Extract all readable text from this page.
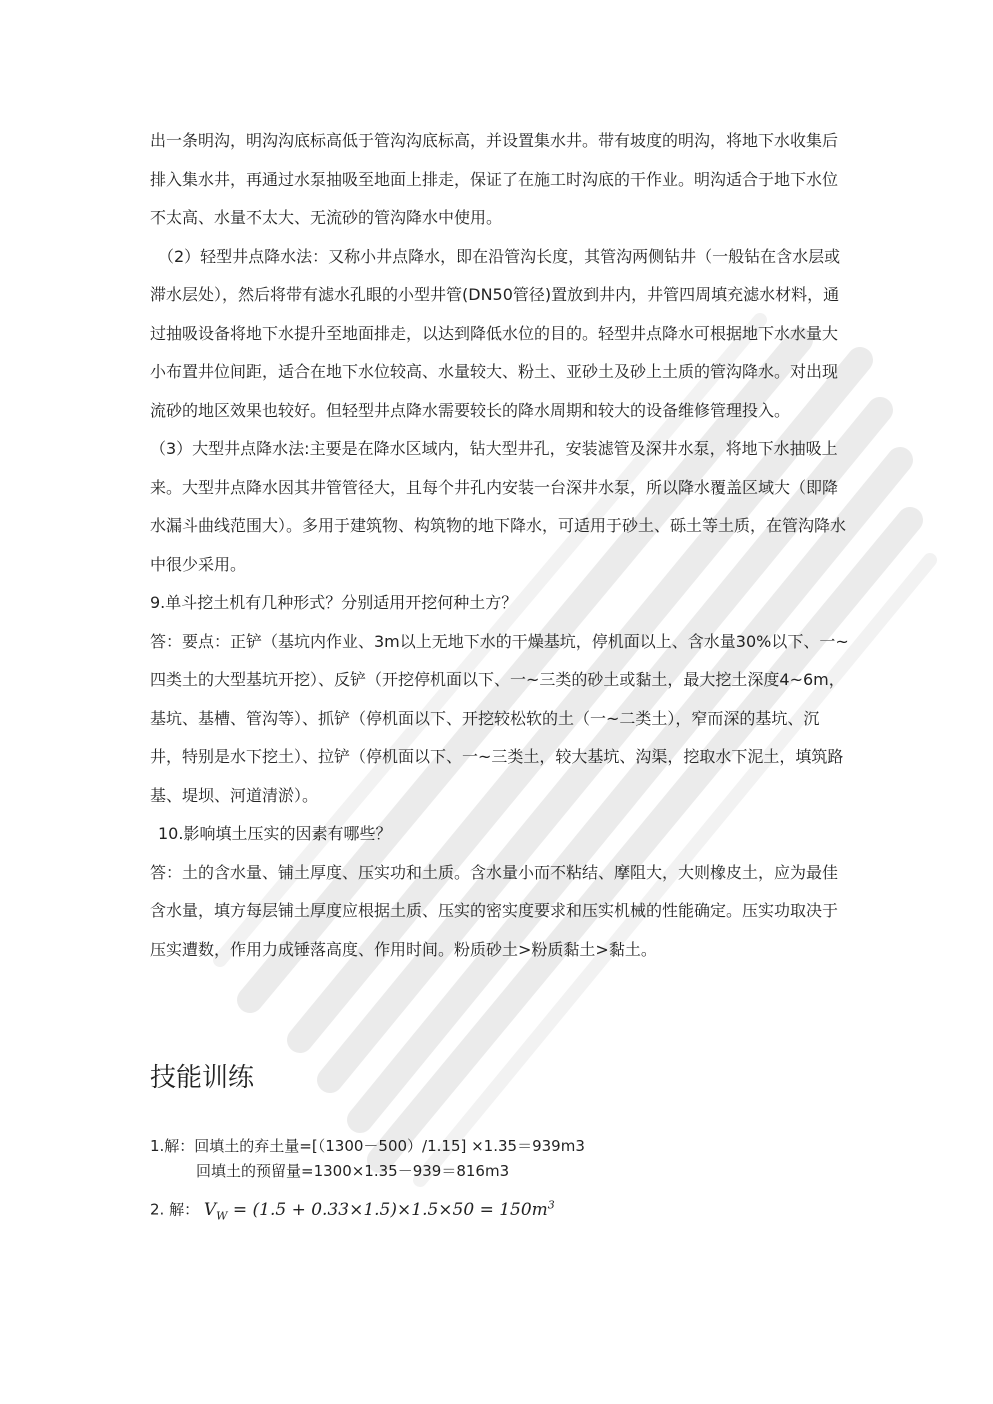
出一条明沟，明沟沟底标高低于管沟沟底标高，并设置集水井。带有坡度的明沟，将地下水收集后排入集水井，再通过水泵抽吸至地面上排走，保证了在施工时沟底的干作业。明沟适合于地下水位不太高、水量不太大、无流砂的管沟降水中使用。

（2）轻型井点降水法：又称小井点降水，即在沿管沟长度，其管沟两侧钻井（一般钻在含水层或滞水层处），然后将带有滤水孔眼的小型井管(DN50管径)置放到井内，井管四周填充滤水材料，通过抽吸设备将地下水提升至地面排走，以达到降低水位的目的。轻型井点降水可根据地下水水量大小布置井位间距，适合在地下水位较高、水量较大、粉土、亚砂土及砂上土质的管沟降水。对出现流砂的地区效果也较好。但轻型井点降水需要较长的降水周期和较大的设备维修管理投入。

（3）大型井点降水法:主要是在降水区域内，钻大型井孔，安装滤管及深井水泵，将地下水抽吸上来。大型井点降水因其井管管径大，且每个井孔内安装一台深井水泵，所以降水覆盖区域大（即降水漏斗曲线范围大）。多用于建筑物、构筑物的地下降水，可适用于砂土、砾土等土质，在管沟降水中很少采用。

9.单斗挖土机有几种形式？分别适用开挖何种土方？

答：要点：正铲（基坑内作业、3m以上无地下水的干燥基坑，停机面以上、含水量30%以下、一~四类土的大型基坑开挖）、反铲（开挖停机面以下、一~三类的砂土或黏土，最大挖土深度4~6m，基坑、基槽、管沟等）、抓铲（停机面以下、开挖较松软的土（一~二类土），窄而深的基坑、沉井，特别是水下挖土）、拉铲（停机面以下、一~三类土，较大基坑、沟渠，挖取水下泥土，填筑路基、堤坝、河道清淤）。

10.影响填土压实的因素有哪些？

答：土的含水量、铺土厚度、压实功和土质。含水量小而不粘结、摩阻大，大则橡皮土，应为最佳含水量，填方每层铺土厚度应根据土质、压实的密实度要求和压实机械的性能确定。压实功取决于压实遭数，作用力成锤落高度、作用时间。粉质砂土>粉质黏土>黏土。

技能训练

1.解：回填土的弃土量=[（1300－500）/1.15] ×1.35＝939m3

回填土的预留量=1300×1.35－939＝816m3

2. 解： $V_W = (1.5 + 0.33\times 1.5)\times 1.5\times 50 = 150m^3$
